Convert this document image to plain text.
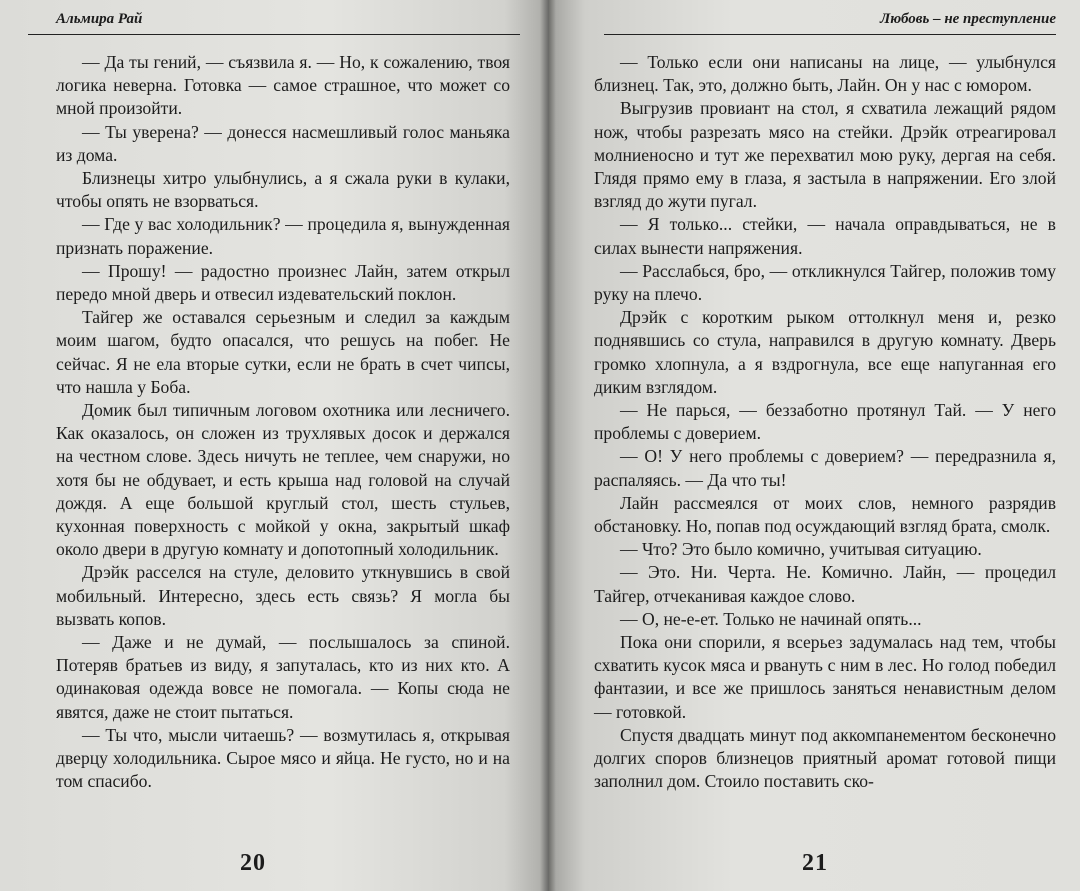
Альмира Рай

— Да ты гений, — съязвила я. — Но, к сожалению, твоя логика неверна. Готовка — самое страшное, что может со мной произойти.

— Ты уверена? — донесся насмешливый голос маньяка из дома.

Близнецы хитро улыбнулись, а я сжала руки в кулаки, чтобы опять не взорваться.

— Где у вас холодильник? — процедила я, вынужденная признать поражение.

— Прошу! — радостно произнес Лайн, затем открыл передо мной дверь и отвесил издевательский поклон.

Тайгер же оставался серьезным и следил за каждым моим шагом, будто опасался, что решусь на побег. Не сейчас. Я не ела вторые сутки, если не брать в счет чипсы, что нашла у Боба.

Домик был типичным логовом охотника или лесничего. Как оказалось, он сложен из трухлявых досок и держался на честном слове. Здесь ничуть не теплее, чем снаружи, но хотя бы не обдувает, и есть крыша над головой на случай дождя. А еще большой круглый стол, шесть стульев, кухонная поверхность с мойкой у окна, закрытый шкаф около двери в другую комнату и допотопный холодильник.

Дрэйк расселся на стуле, деловито уткнувшись в свой мобильный. Интересно, здесь есть связь? Я могла бы вызвать копов.

— Даже и не думай, — послышалось за спиной. Потеряв братьев из виду, я запуталась, кто из них кто. А одинаковая одежда вовсе не помогала. — Копы сюда не явятся, даже не стоит пытаться.

— Ты что, мысли читаешь? — возмутилась я, открывая дверцу холодильника. Сырое мясо и яйца. Не густо, но и на том спасибо.

20
Любовь – не преступление

— Только если они написаны на лице, — улыбнулся близнец. Так, это, должно быть, Лайн. Он у нас с юмором.

Выгрузив провиант на стол, я схватила лежащий рядом нож, чтобы разрезать мясо на стейки. Дрэйк отреагировал молниеносно и тут же перехватил мою руку, дергая на себя. Глядя прямо ему в глаза, я застыла в напряжении. Его злой взгляд до жути пугал.

— Я только... стейки, — начала оправдываться, не в силах вынести напряжения.

— Расслабься, бро, — откликнулся Тайгер, положив тому руку на плечо.

Дрэйк с коротким рыком оттолкнул меня и, резко поднявшись со стула, направился в другую комнату. Дверь громко хлопнула, а я вздрогнула, все еще напуганная его диким взглядом.

— Не парься, — беззаботно протянул Тай. — У него проблемы с доверием.

— О! У него проблемы с доверием? — передразнила я, распаляясь. — Да что ты!

Лайн рассмеялся от моих слов, немного разрядив обстановку. Но, попав под осуждающий взгляд брата, смолк.

— Что? Это было комично, учитывая ситуацию.

— Это. Ни. Черта. Не. Комично. Лайн, — процедил Тайгер, отчеканивая каждое слово.

— О, не-е-ет. Только не начинай опять...

Пока они спорили, я всерьез задумалась над тем, чтобы схватить кусок мяса и рвануть с ним в лес. Но голод победил фантазии, и все же пришлось заняться ненавистным делом — готовкой.

Спустя двадцать минут под аккомпанементом бесконечно долгих споров близнецов приятный аромат готовой пищи заполнил дом. Стоило поставить ско-

21
